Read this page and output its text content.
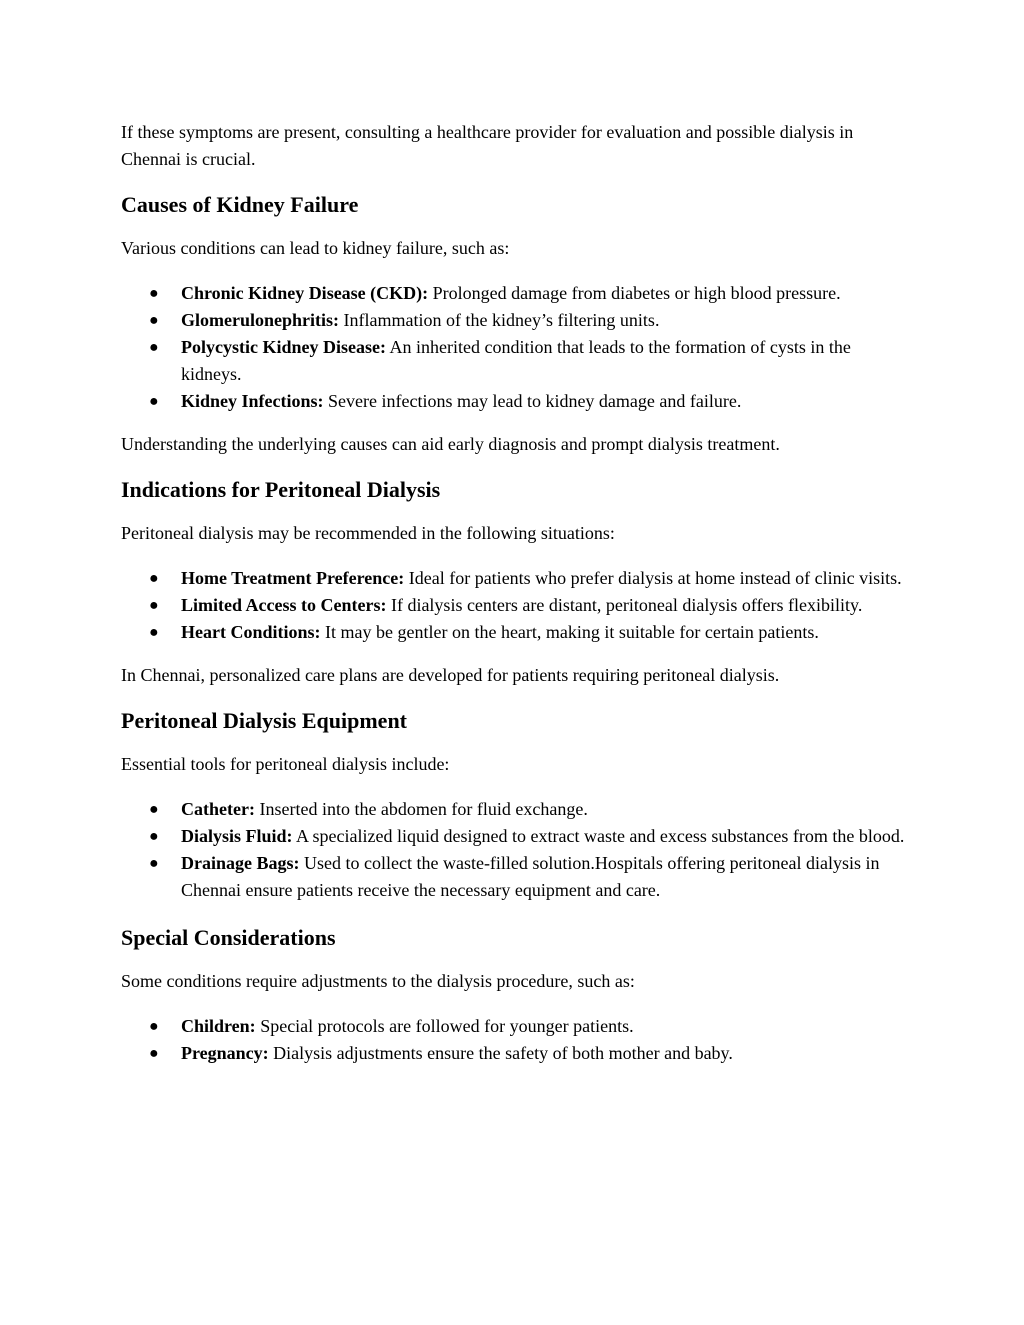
If these symptoms are present, consulting a healthcare provider for evaluation and possible dialysis in Chennai is crucial.

Causes of Kidney Failure

Various conditions can lead to kidney failure, such as:

● Chronic Kidney Disease (CKD): Prolonged damage from diabetes or high blood pressure.
● Glomerulonephritis: Inflammation of the kidney’s filtering units.
● Polycystic Kidney Disease: An inherited condition that leads to the formation of cysts in the kidneys.
● Kidney Infections: Severe infections may lead to kidney damage and failure.

Understanding the underlying causes can aid early diagnosis and prompt dialysis treatment.

Indications for Peritoneal Dialysis

Peritoneal dialysis may be recommended in the following situations:

● Home Treatment Preference: Ideal for patients who prefer dialysis at home instead of clinic visits.
● Limited Access to Centers: If dialysis centers are distant, peritoneal dialysis offers flexibility.
● Heart Conditions: It may be gentler on the heart, making it suitable for certain patients.

In Chennai, personalized care plans are developed for patients requiring peritoneal dialysis.

Peritoneal Dialysis Equipment

Essential tools for peritoneal dialysis include:

● Catheter: Inserted into the abdomen for fluid exchange.
● Dialysis Fluid: A specialized liquid designed to extract waste and excess substances from the blood.
● Drainage Bags: Used to collect the waste-filled solution.Hospitals offering peritoneal dialysis in Chennai ensure patients receive the necessary equipment and care.
Special Considerations

Some conditions require adjustments to the dialysis procedure, such as:

● Children: Special protocols are followed for younger patients.
● Pregnancy: Dialysis adjustments ensure the safety of both mother and baby.
